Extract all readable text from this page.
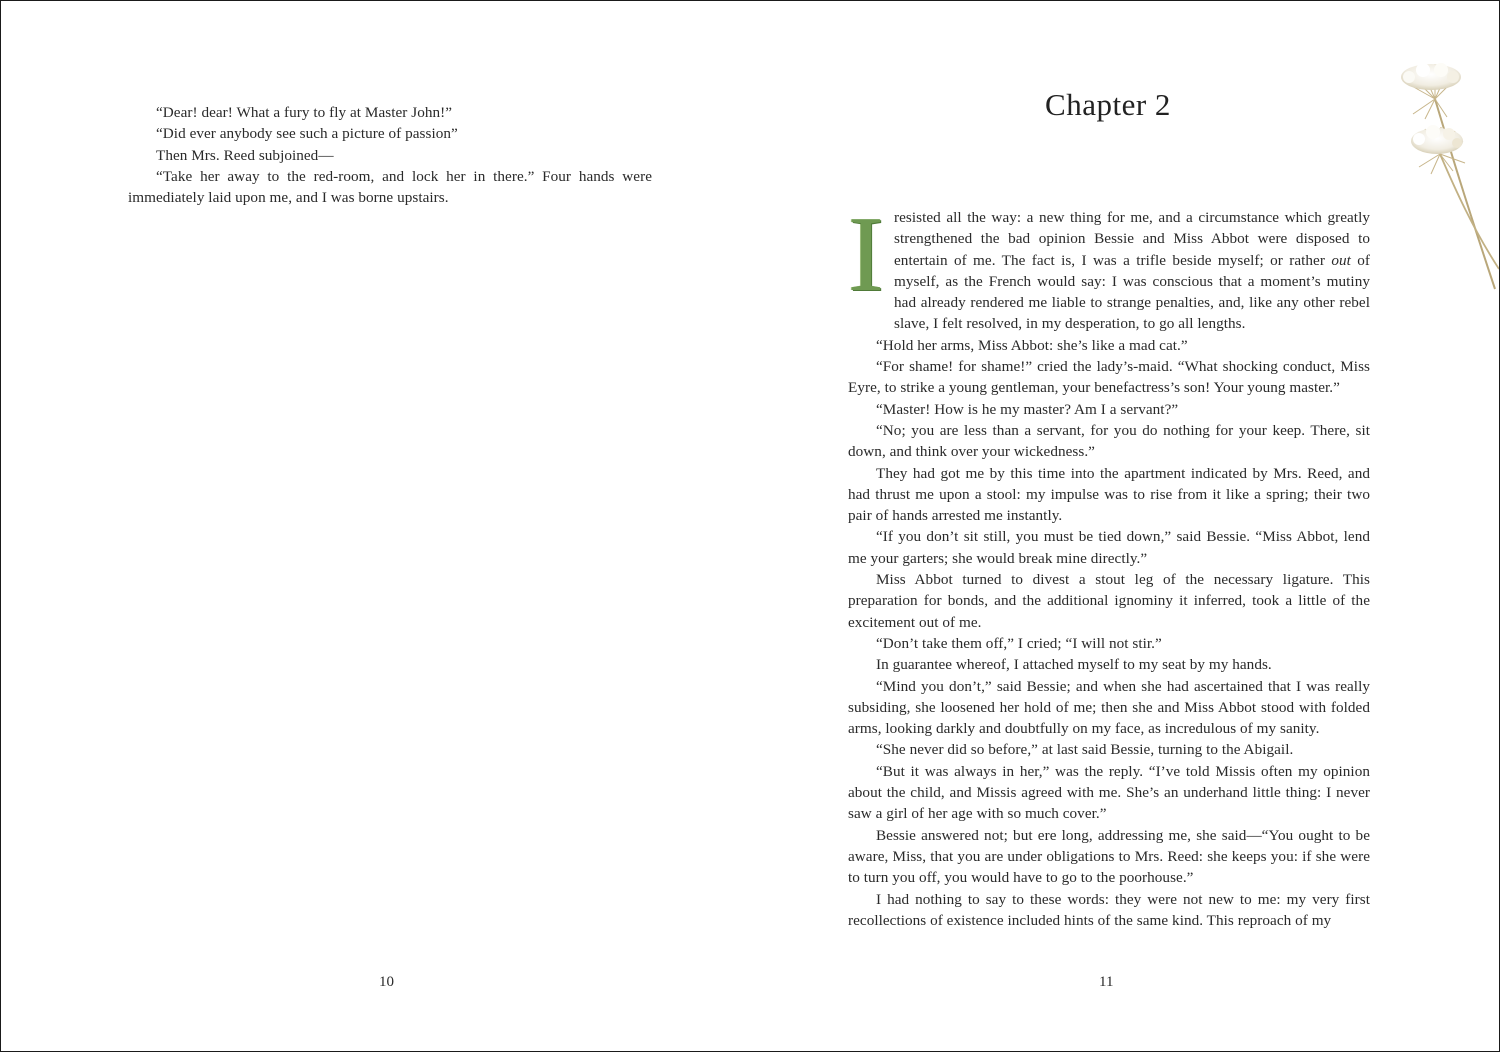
“Dear! dear! What a fury to fly at Master John!”

“Did ever anybody see such a picture of passion”

Then Mrs. Reed subjoined—

“Take her away to the red-room, and lock her in there.” Four hands were immediately laid upon me, and I was borne upstairs.

10
Chapter 2
I resisted all the way: a new thing for me, and a circumstance which greatly strengthened the bad opinion Bessie and Miss Abbot were disposed to entertain of me. The fact is, I was a trifle beside myself; or rather out of myself, as the French would say: I was conscious that a moment’s mutiny had already rendered me liable to strange penalties, and, like any other rebel slave, I felt resolved, in my desperation, to go all lengths.

“Hold her arms, Miss Abbot: she’s like a mad cat.”

“For shame! for shame!” cried the lady’s-maid. “What shocking conduct, Miss Eyre, to strike a young gentleman, your benefactress’s son! Your young master.”

“Master! How is he my master? Am I a servant?”

“No; you are less than a servant, for you do nothing for your keep. There, sit down, and think over your wickedness.”

They had got me by this time into the apartment indicated by Mrs. Reed, and had thrust me upon a stool: my impulse was to rise from it like a spring; their two pair of hands arrested me instantly.

“If you don’t sit still, you must be tied down,” said Bessie. “Miss Abbot, lend me your garters; she would break mine directly.”

Miss Abbot turned to divest a stout leg of the necessary ligature. This preparation for bonds, and the additional ignominy it inferred, took a little of the excitement out of me.

“Don’t take them off,” I cried; “I will not stir.”

In guarantee whereof, I attached myself to my seat by my hands.

“Mind you don’t,” said Bessie; and when she had ascertained that I was really subsiding, she loosened her hold of me; then she and Miss Abbot stood with folded arms, looking darkly and doubtfully on my face, as incredulous of my sanity.

“She never did so before,” at last said Bessie, turning to the Abigail.

“But it was always in her,” was the reply. “I’ve told Missis often my opinion about the child, and Missis agreed with me. She’s an underhand little thing: I never saw a girl of her age with so much cover.”

Bessie answered not; but ere long, addressing me, she said—“You ought to be aware, Miss, that you are under obligations to Mrs. Reed: she keeps you: if she were to turn you off, you would have to go to the poorhouse.”

I had nothing to say to these words: they were not new to me: my very first recollections of existence included hints of the same kind. This reproach of my

11
